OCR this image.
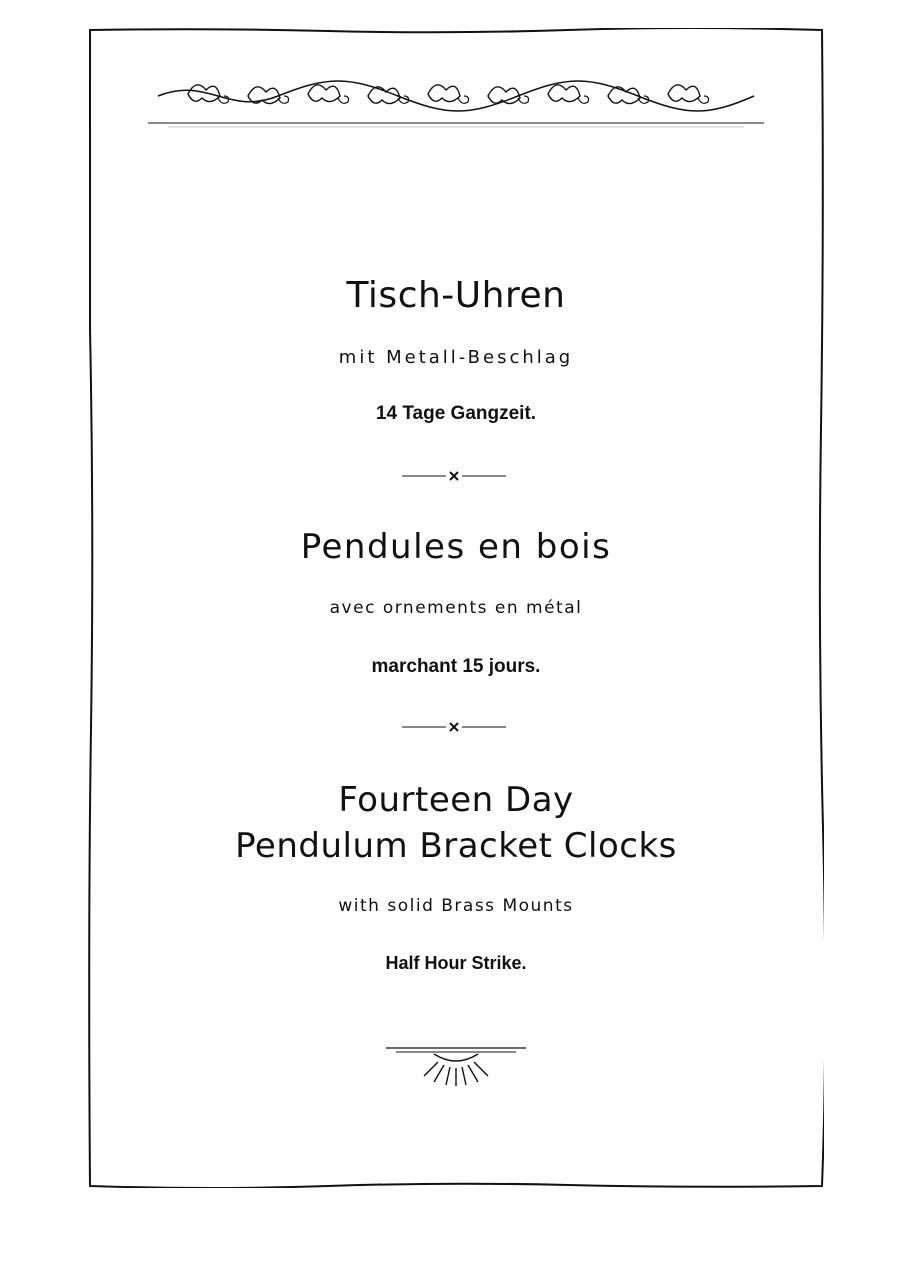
Tisch-Uhren
mit Metall-Beschlag
14 Tage Gangzeit.
Pendules en bois
avec ornements en métal
marchant 15 jours.
Fourteen Day
Pendulum Bracket Clocks
with solid Brass Mounts
Half Hour Strike.
